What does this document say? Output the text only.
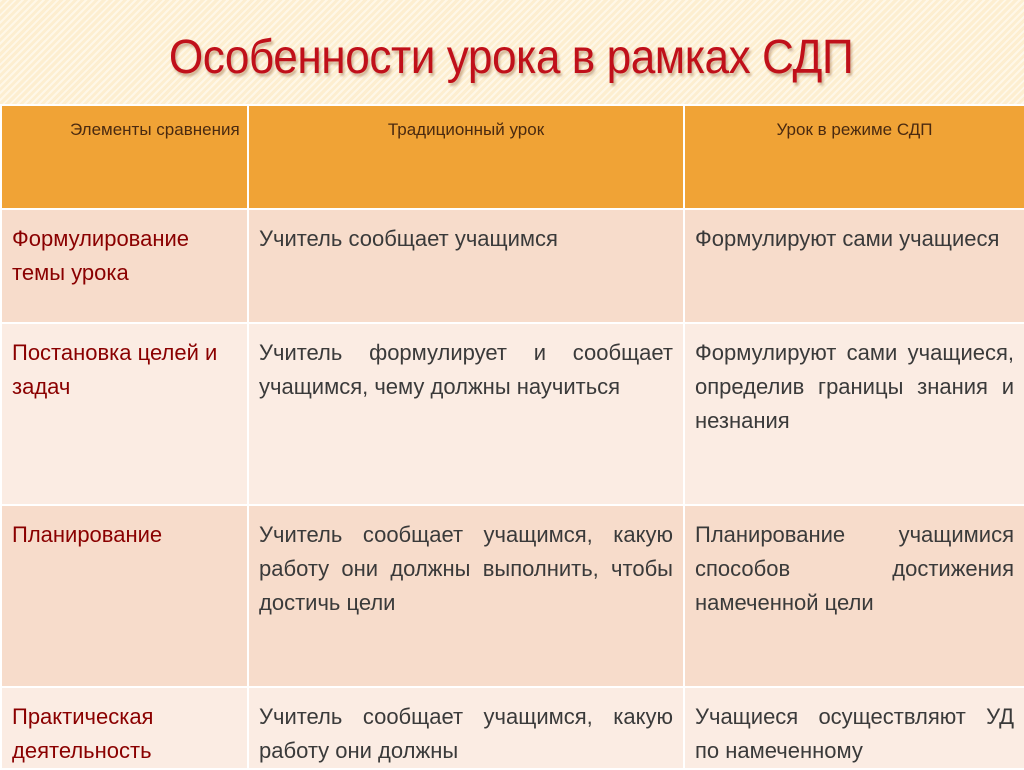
Особенности урока в рамках СДП
Элементы сравнения	Традиционный урок	Урок в режиме СДП
Формулирование темы урока	Учитель сообщает учащимся	Формулируют сами учащиеся
Постановка целей и задач	Учитель формулирует и сообщает учащимся, чему должны научиться	Формулируют сами учащиеся, определив границы знания и незнания
Планирование	Учитель сообщает учащимся, какую работу они должны выполнить, чтобы достичь цели	Планирование учащимися способов достижения намеченной цели
Практическая деятельность	Учитель сообщает учащимся, какую работу они должны	Учащиеся осуществляют УД по намеченному
